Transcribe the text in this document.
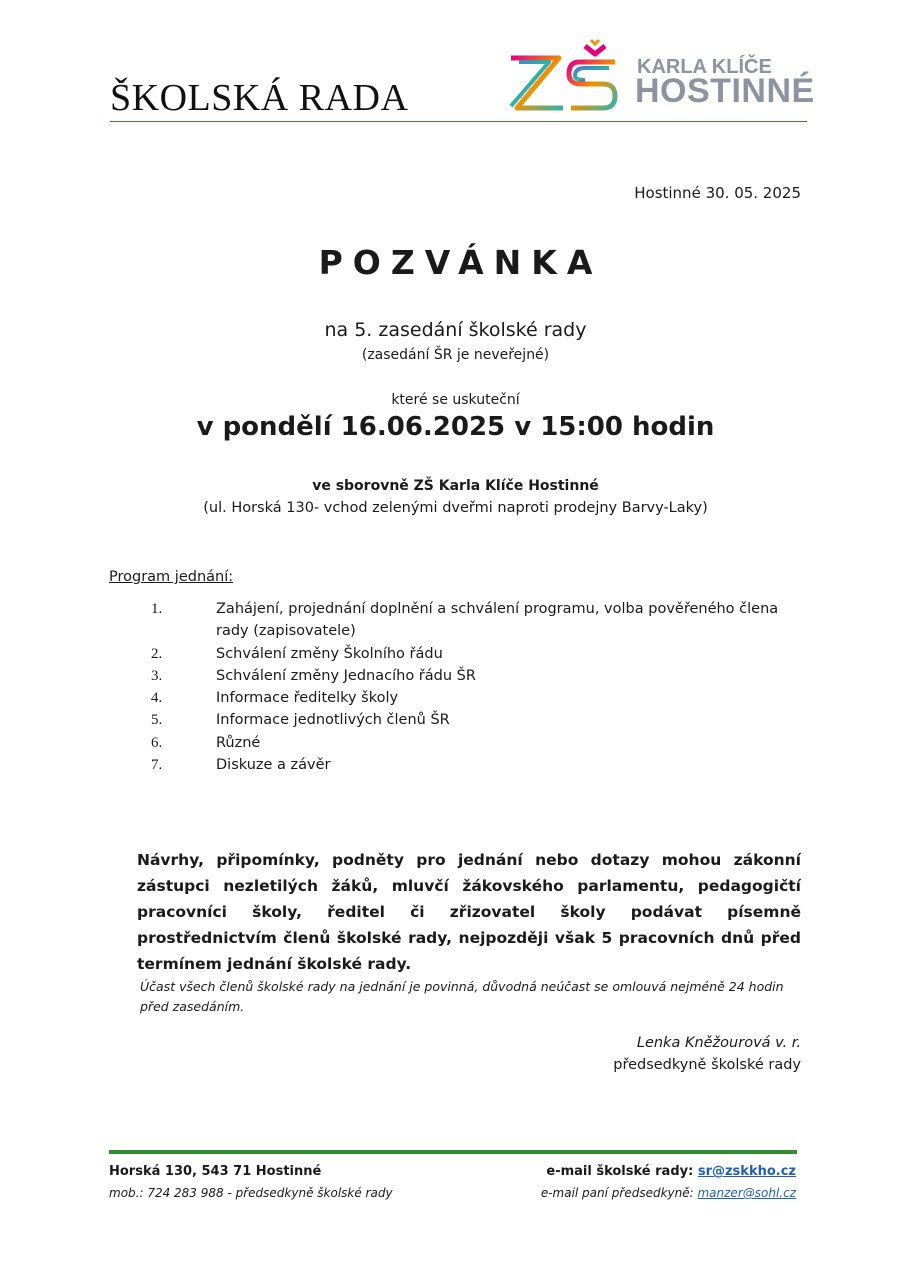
ŠKOLSKÁ RADA
KARLA KLÍČE
HOSTINNÉ
Hostinné 30. 05. 2025
POZVÁNKA
na 5. zasedání školské rady
(zasedání ŠR je neveřejné)
které se uskuteční
v pondělí 16.06.2025 v 15:00 hodin
ve sborovně ZŠ Karla Klíče Hostinné
(ul. Horská 130- vchod zelenými dveřmi naproti prodejny Barvy-Laky)
Program jednání:
1.	Zahájení, projednání doplnění a schválení programu, volba pověřeného člena rady (zapisovatele)
2.	Schválení změny Školního řádu
3.	Schválení změny Jednacího řádu ŠR
4.	Informace ředitelky školy
5.	Informace jednotlivých členů ŠR
6.	Různé
7.	Diskuze a závěr
Návrhy, připomínky, podněty pro jednání nebo dotazy mohou zákonní zástupci nezletilých žáků, mluvčí žákovského parlamentu, pedagogičtí pracovníci školy, ředitel či zřizovatel školy podávat písemně prostřednictvím členů školské rady, nejpozději však 5 pracovních dnů před termínem jednání školské rady.
Účast všech členů školské rady na jednání je povinná, důvodná neúčast se omlouvá nejméně 24 hodin před zasedáním.
Lenka Kněžourová v. r.
předsedkyně školské rady
Horská 130, 543 71 Hostinné
mob.: 724 283 988 - předsedkyně školské rady
e-mail školské rady: sr@zskkho.cz
e-mail paní předsedkyně: manzer@sohl.cz
